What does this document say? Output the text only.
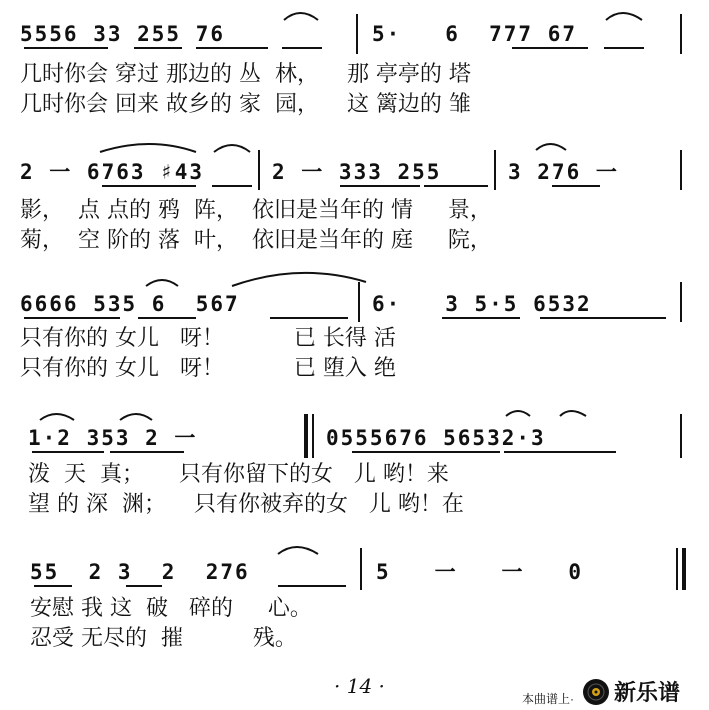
5556 33 255 76	5·   6  777 67
几时你会 穿过 那边的 丛  林，    那 亭亭的 塔
几时你会 回来 故乡的 家  园，    这 篱边的 雏
2 一 6763 ♯43	2 一 333 255	3 276 一
影，  点 点的 鸦  阵，  依旧是当年的 情     景，
菊，  空 阶的 落  叶，  依旧是当年的 庭     院，
6666 535 6  567	6·   3 5·5 6532
只有你的 女儿   呀！          已 长得 活
只有你的 女儿   呀！          已 堕入 绝
1·2 353 2 一	0555676 56532·3
泼  天  真；     只有你留下的女   儿 哟！来
望 的 深  渊；    只有你被弃的女   儿 哟！在
55  2 3  2  276	5   一   一   0
安慰 我 这  破   碎的     心。
忍受 无尽的  摧          残。
· 14 ·
本曲谱上· 新乐谱
